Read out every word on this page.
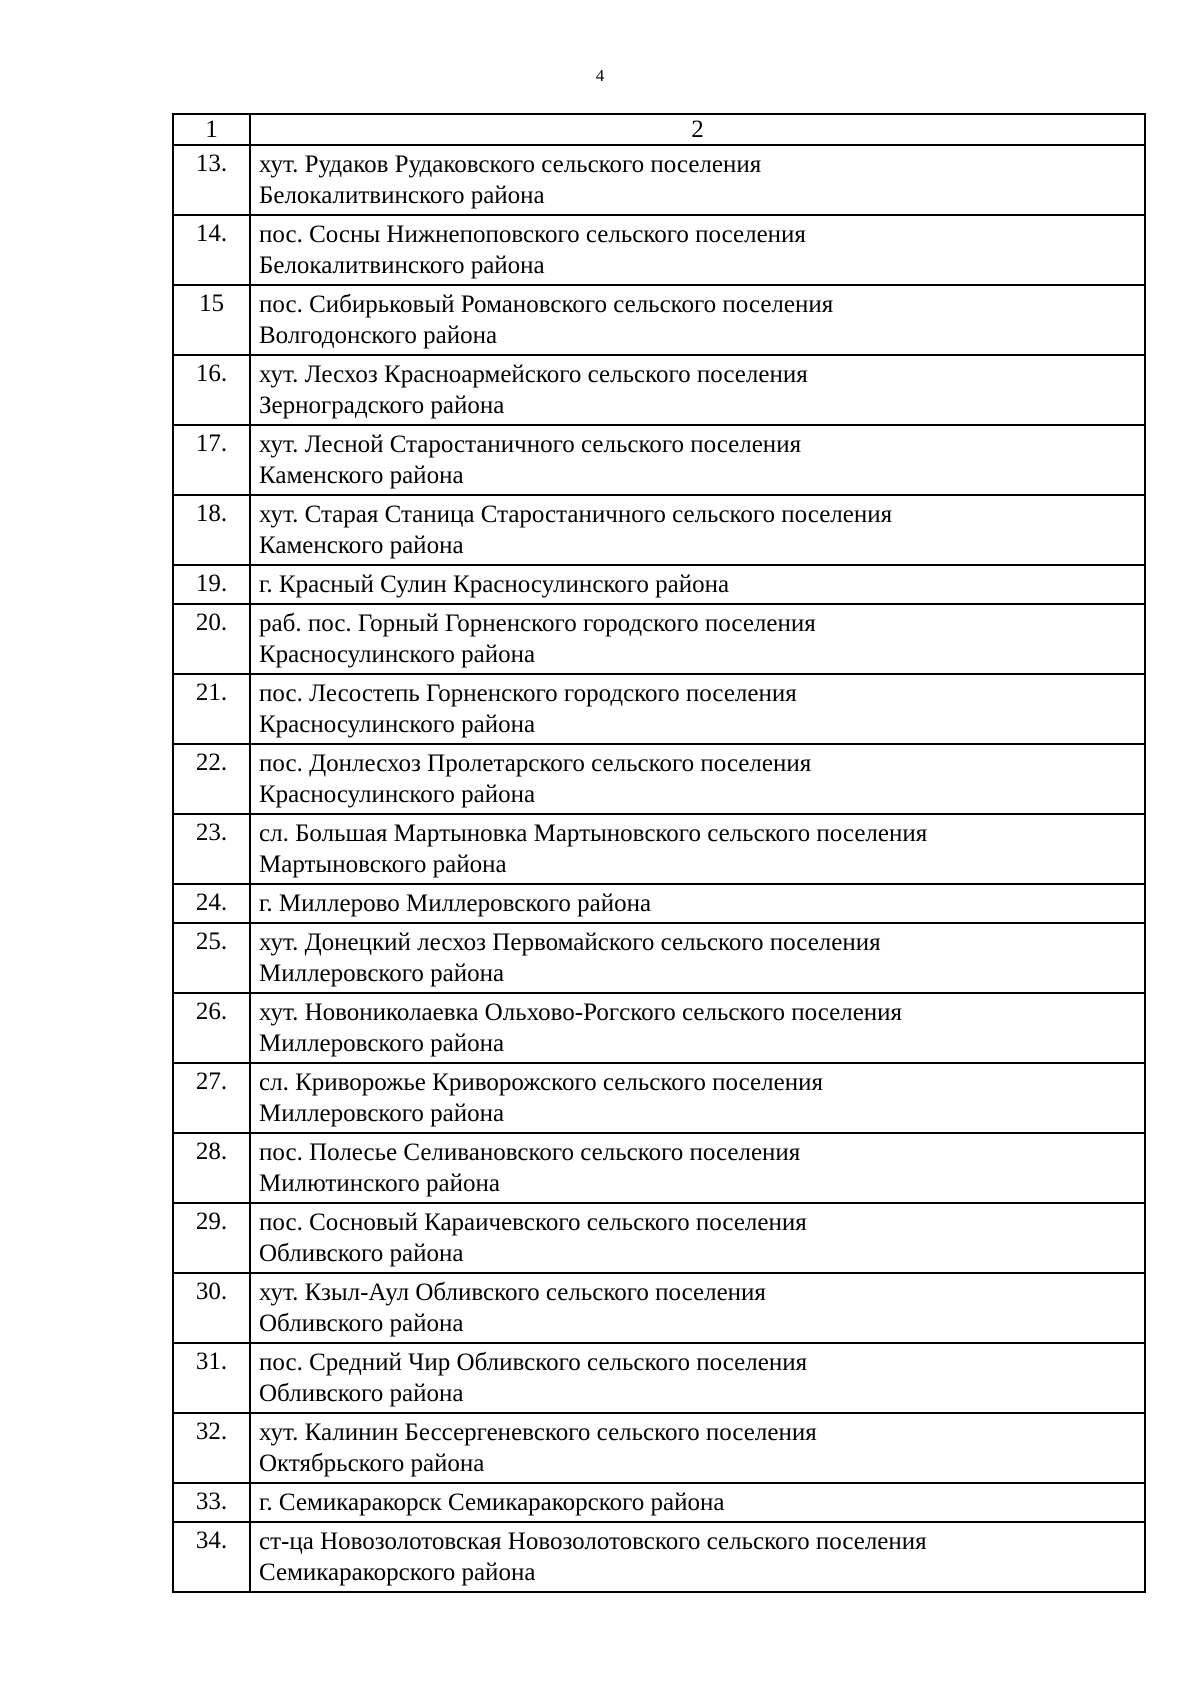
4
1	2
13.	хут. Рудаков Рудаковского сельского поселения
Белокалитвинского района

14.	пос. Сосны Нижнепоповского сельского поселения
Белокалитвинского района

15	пос. Сибирьковый Романовского сельского поселения
Волгодонского района

16.	хут. Лесхоз Красноармейского сельского поселения
Зерноградского района

17.	хут. Лесной Старостаничного сельского поселения
Каменского района

18.	хут. Старая Станица Старостаничного сельского поселения
Каменского района

19.	г. Красный Сулин Красносулинского района

20.	раб. пос. Горный Горненского городского поселения
Красносулинского района

21.	пос. Лесостепь Горненского городского поселения
Красносулинского района

22.	пос. Донлесхоз Пролетарского сельского поселения
Красносулинского района

23.	сл. Большая Мартыновка Мартыновского сельского поселения
Мартыновского района

24.	г. Миллерово Миллеровского района

25.	хут. Донецкий лесхоз Первомайского сельского поселения
Миллеровского района

26.	хут. Новониколаевка Ольхово-Рогского сельского поселения
Миллеровского района

27.	сл. Криворожье Криворожского сельского поселения
Миллеровского района

28.	пос. Полесье Селивановского сельского поселения
Милютинского района

29.	пос. Сосновый Караичевского сельского поселения
Обливского района

30.	хут. Кзыл-Аул Обливского сельского поселения
Обливского района

31.	пос. Средний Чир Обливского сельского поселения
Обливского района

32.	хут. Калинин Бессергеневского сельского поселения
Октябрьского района

33.	г. Семикаракорск Семикаракорского района

34.	ст-ца Новозолотовская Новозолотовского сельского поселения
Семикаракорского района
